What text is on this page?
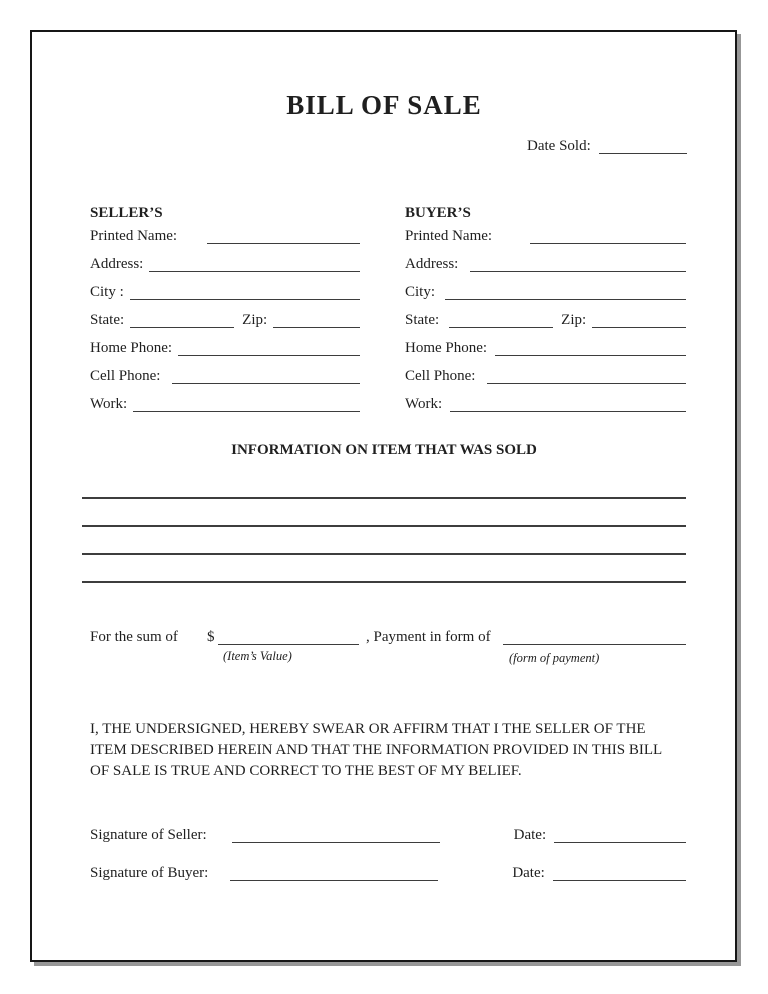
BILL OF SALE
Date Sold:
SELLER’S	BUYER’S
Printed Name:
Address:
City :
State:	Zip:
Home Phone:
Cell Phone:
Work:
Printed Name:
Address:
City:
State:	Zip:
Home Phone:
Cell Phone:
Work:
INFORMATION ON ITEM THAT WAS SOLD
For the sum of $
(Item’s Value)
, Payment in form of
(form of payment)
I, THE UNDERSIGNED, HEREBY SWEAR OR AFFIRM THAT I THE SELLER OF THE ITEM DESCRIBED HEREIN AND THAT THE INFORMATION PROVIDED IN THIS BILL OF SALE IS TRUE AND CORRECT TO THE BEST OF MY BELIEF.
Signature of Seller:	Date:
Signature of Buyer:	Date:
